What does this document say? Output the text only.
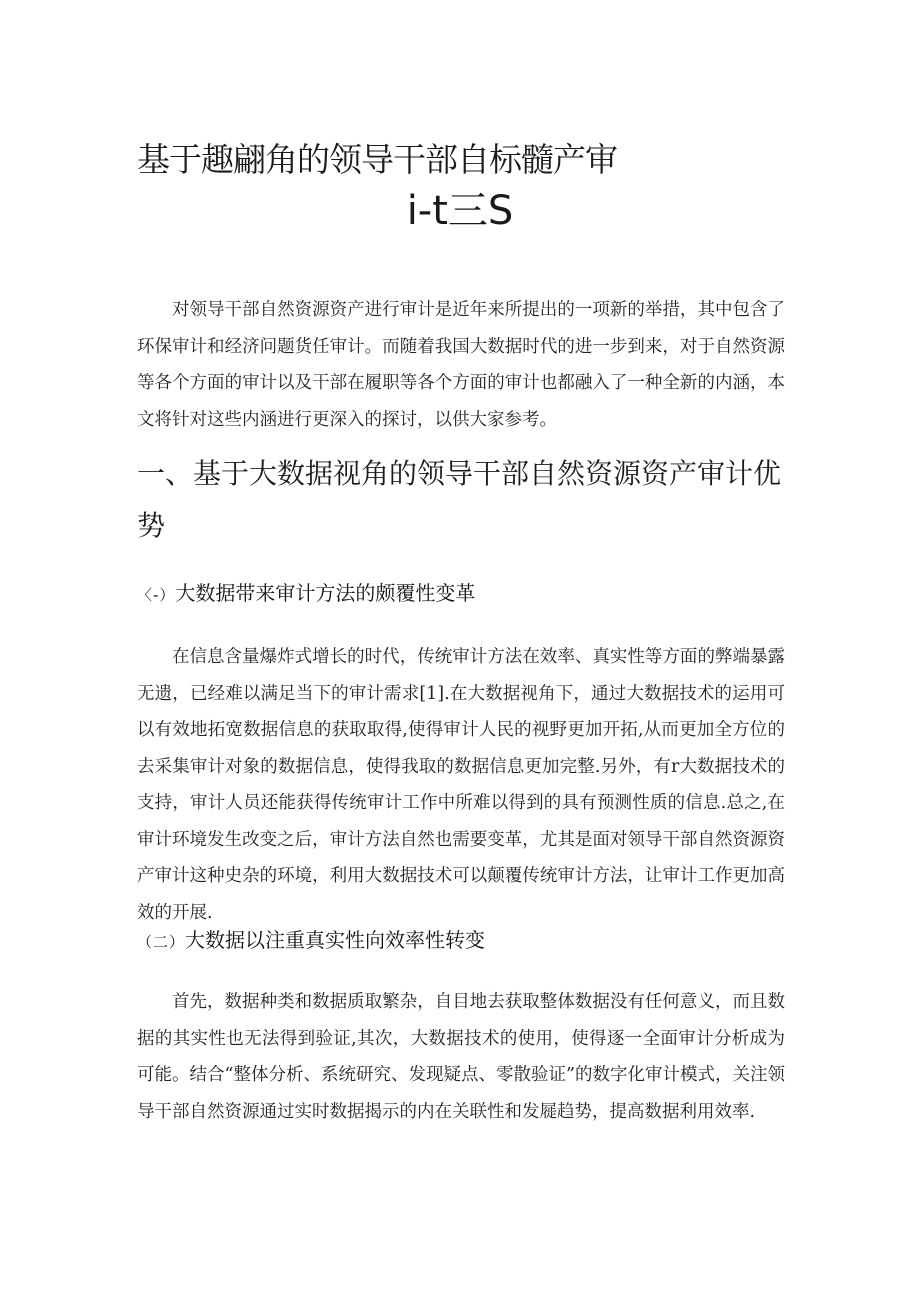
基于趣翩角的领导干部自标髓产审
i-t三S

对领导干部自然资源资产进行审计是近年来所提出的一项新的举措，其中包含了环保审计和经济问题货任审计。而随着我国大数据时代的进一步到来，对于自然资源等各个方面的审计以及干部在履职等各个方面的审计也都融入了一种全新的内涵，本文将针对这些内涵进行更深入的探讨，以供大家参考。

一、基于大数据视角的领导干部自然资源资产审计优势
〈-）大数据带来审计方法的颇覆性变革

在信息含量爆炸式增长的时代，传统审计方法在效率、真实性等方面的弊端暴露无遗，已经难以满足当下的审计需求[1].在大数据视角下，通过大数据技术的运用可以有效地拓宽数据信息的获取取得,使得审计人民的视野更加开拓,从而更加全方位的去采集审计对象的数据信息，使得我取的数据信息更加完整.另外，有r大数据技术的支持，审计人员还能获得传统审计工作中所难以得到的具有预测性质的信息.总之,在审计环境发生改变之后，审计方法自然也需要变革，尤其是面对领导干部自然资源资产审计这种史杂的环境，利用大数据技术可以颠覆传统审计方法，让审计工作更加高效的开展.

（二）大数据以注重真实性向效率性转变

首先，数据种类和数据质取繁杂，自目地去获取整体数据没有任何意义，而且数据的其实性也无法得到验证,其次，大数据技术的使用，使得逐一全面审计分析成为可能。结合“整体分析、系统研究、发现疑点、零散验证”的数字化审计模式，关注领导干部自然资源通过实时数据揭示的内在关联性和发屣趋势，提高数据利用效率.
